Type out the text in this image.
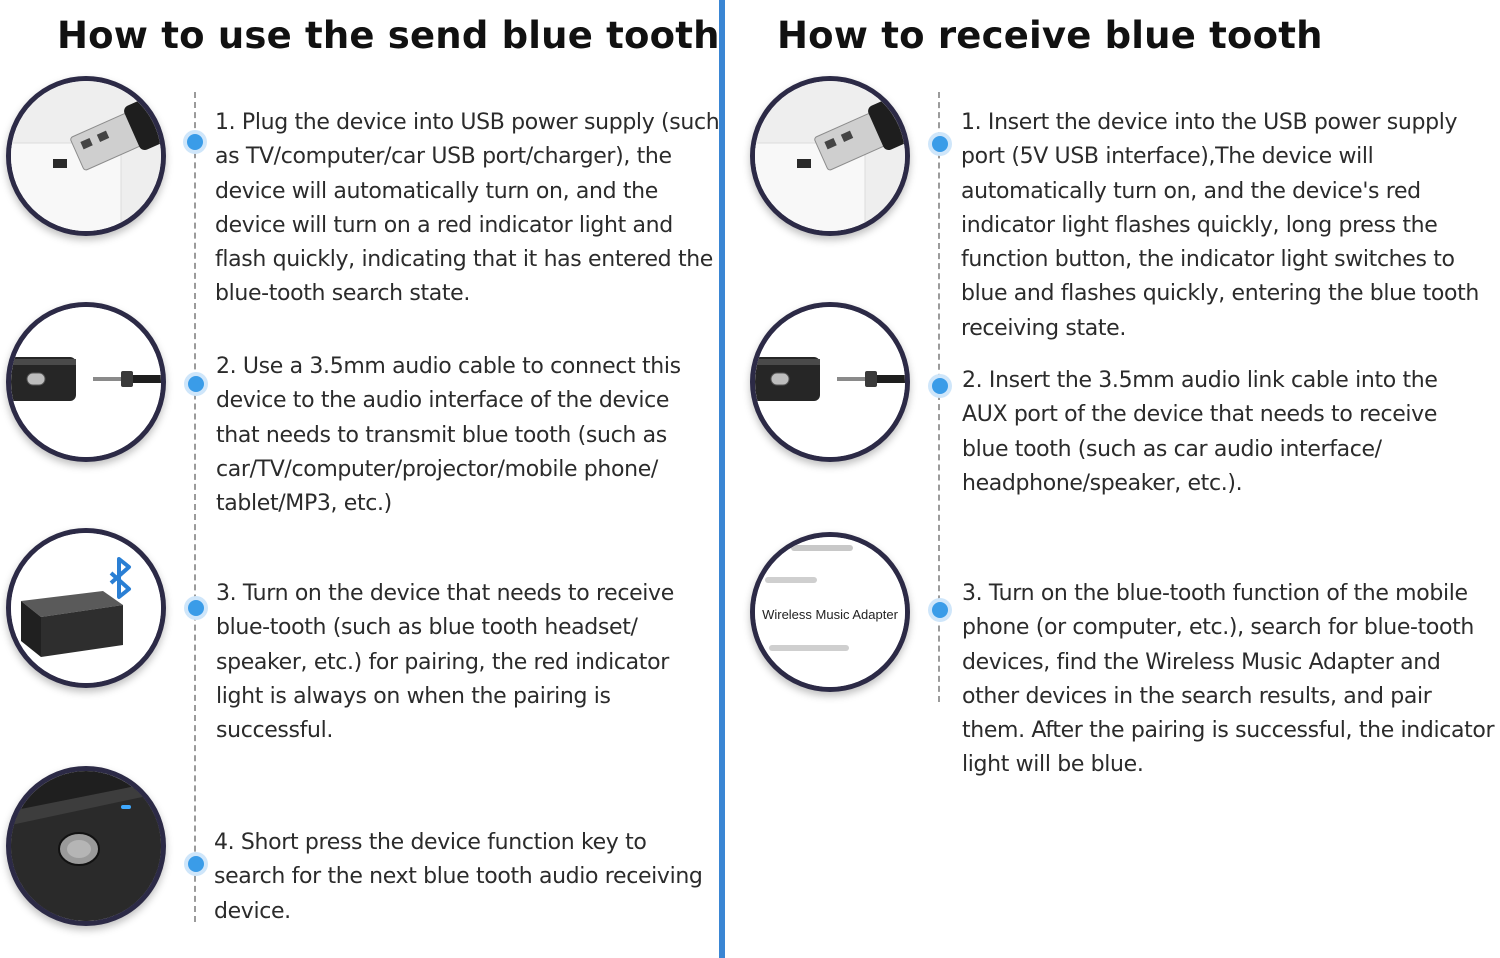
How to use the send blue tooth

1. Plug the device into USB power supply (such as TV/computer/car USB port/charger), the device will automatically turn on, and the device will turn on a red indicator light and flash quickly, indicating that it has entered the blue-tooth search state.

2. Use a 3.5mm audio cable to connect this device to the audio interface of the device that needs to transmit blue tooth (such as car/TV/computer/projector/mobile phone/ tablet/MP3, etc.)

3. Turn on the device that needs to receive blue-tooth (such as blue tooth headset/ speaker, etc.) for pairing, the red indicator light is always on when the pairing is successful.

4. Short press the device function key to search for the next blue tooth audio receiving device.

How to receive blue tooth

1. Insert the device into the USB power supply port (5V USB interface),The device will automatically turn on, and the device's red indicator light flashes quickly, long press the function button, the indicator light switches to blue and flashes quickly, entering the blue tooth receiving state.

2. Insert the 3.5mm audio link cable into the AUX port of the device that needs to receive blue tooth (such as car audio interface/ headphone/speaker, etc.).

Wireless Music Adapter

3. Turn on the blue-tooth function of the mobile phone (or computer, etc.), search for blue-tooth devices, find the Wireless Music Adapter and other devices in the search results, and pair them. After the pairing is successful, the indicator light will be blue.
